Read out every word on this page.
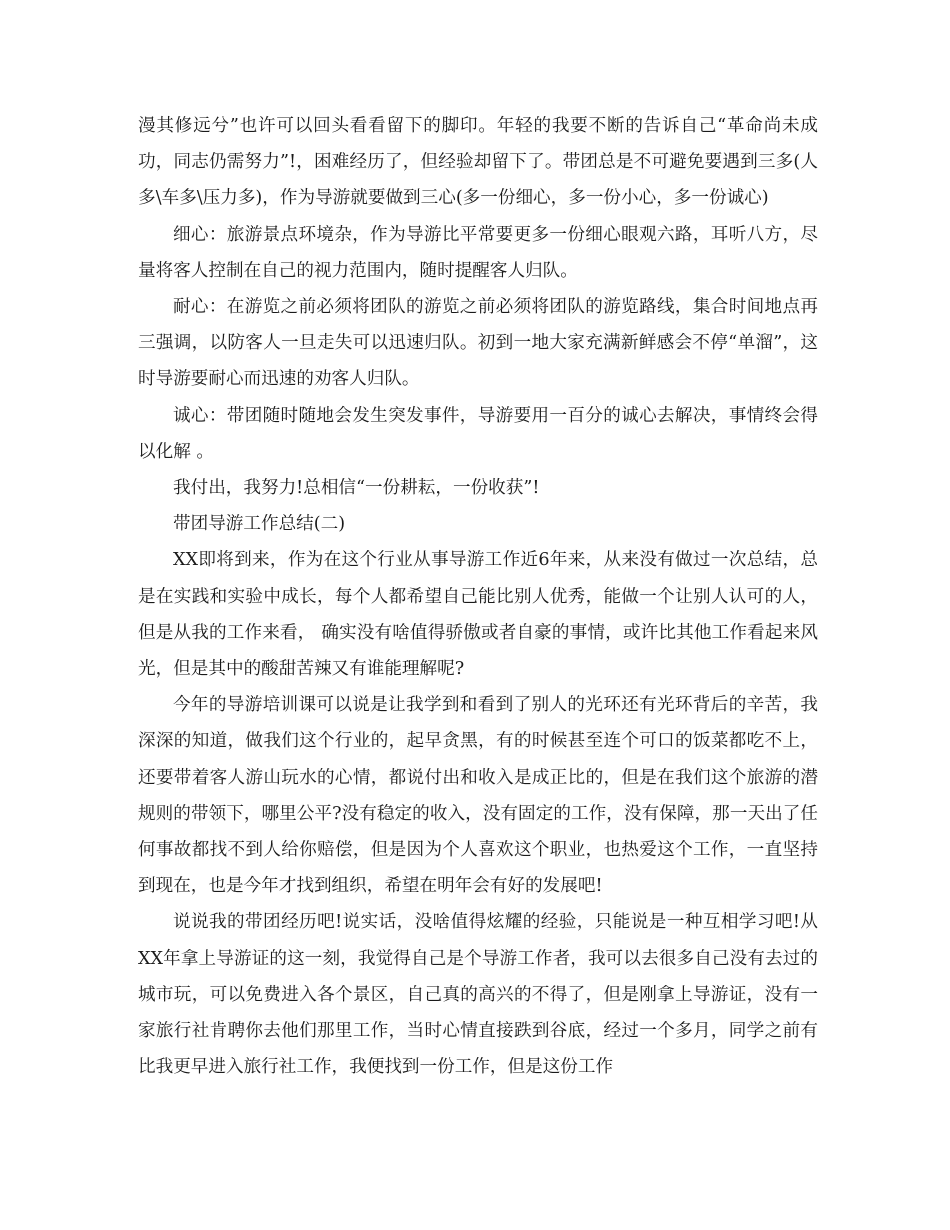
漫其修远兮”也许可以回头看看留下的脚印。年轻的我要不断的告诉自己“革命尚未成功，同志仍需努力”!，困难经历了，但经验却留下了。带团总是不可避免要遇到三多(人多\车多\压力多)，作为导游就要做到三心(多一份细心，多一份小心，多一份诚心)

细心：旅游景点环境杂，作为导游比平常要更多一份细心眼观六路，耳听八方，尽量将客人控制在自己的视力范围内，随时提醒客人归队。

耐心：在游览之前必须将团队的游览之前必须将团队的游览路线，集合时间地点再三强调，以防客人一旦走失可以迅速归队。初到一地大家充满新鲜感会不停“单溜”，这时导游要耐心而迅速的劝客人归队。

诚心：带团随时随地会发生突发事件，导游要用一百分的诚心去解决，事情终会得以化解 。

我付出，我努力!总相信“一份耕耘，一份收获”!

带团导游工作总结(二)

XX即将到来，作为在这个行业从事导游工作近6年来，从来没有做过一次总结，总是在实践和实验中成长，每个人都希望自己能比别人优秀，能做一个让别人认可的人，但是从我的工作来看， 确实没有啥值得骄傲或者自豪的事情，或许比其他工作看起来风光，但是其中的酸甜苦辣又有谁能理解呢?

今年的导游培训课可以说是让我学到和看到了别人的光环还有光环背后的辛苦，我深深的知道，做我们这个行业的，起早贪黑，有的时候甚至连个可口的饭菜都吃不上，还要带着客人游山玩水的心情，都说付出和收入是成正比的，但是在我们这个旅游的潜规则的带领下，哪里公平?没有稳定的收入，没有固定的工作，没有保障，那一天出了任何事故都找不到人给你赔偿，但是因为个人喜欢这个职业，也热爱这个工作，一直坚持到现在，也是今年才找到组织，希望在明年会有好的发展吧!

说说我的带团经历吧!说实话，没啥值得炫耀的经验，只能说是一种互相学习吧!从XX年拿上导游证的这一刻，我觉得自己是个导游工作者，我可以去很多自己没有去过的城市玩，可以免费进入各个景区，自己真的高兴的不得了，但是刚拿上导游证，没有一家旅行社肯聘你去他们那里工作，当时心情直接跌到谷底，经过一个多月，同学之前有比我更早进入旅行社工作，我便找到一份工作，但是这份工作
